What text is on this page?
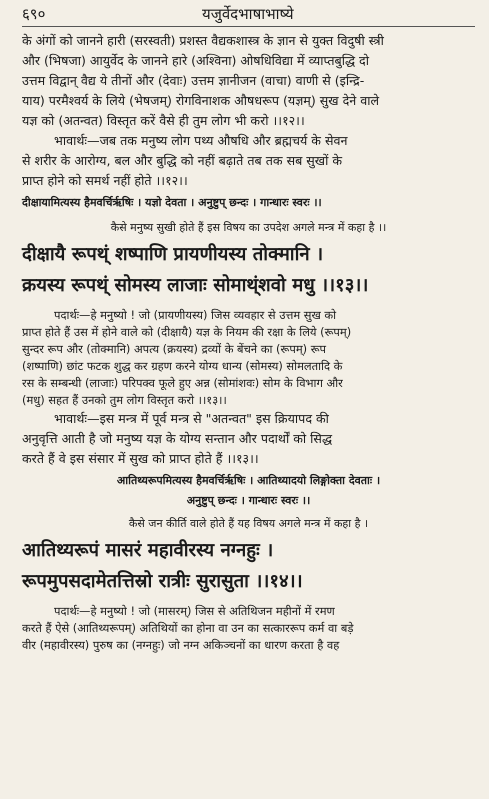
६९०	यजुर्वेदभाषाभाष्ये

के अंगों को जानने हारी (सरस्वती) प्रशस्त वैद्यकशास्त्र के ज्ञान से युक्त विदुषी स्त्री

और (भिषजा) आयुर्वेद के जानने हारे (अश्विना) ओषधिविद्या में व्याप्तबुद्धि दो

उत्तम विद्वान् वैद्य ये तीनों और (देवाः) उत्तम ज्ञानीजन (वाचा) वाणी से (इन्द्रि-

याय) परमैश्वर्य के लिये (भेषजम्) रोगविनाशक औषधरूप (यज्ञम्) सुख देने वाले

यज्ञ को (अतन्वत) विस्तृत करें वैसे ही तुम लोग भी करो ।।१२।।

भावार्थः—जब तक मनुष्य लोग पथ्य औषधि और ब्रह्मचर्य के सेवन

से शरीर के आरोग्य, बल और बुद्धि को नहीं बढ़ाते तब तक सब सुखों के

प्राप्त होने को समर्थ नहीं होते ।।१२।।

दीक्षायामित्यस्य हैमवर्चिर्ऋषिः । यज्ञो देवता । अनुष्टुप् छन्दः । गान्धारः स्वरः ।।

कैसे मनुष्य सुखी होते हैं इस विषय का उपदेश अगले मन्त्र में कहा है ।।

दीक्षायै रूपथ्ं शष्पाणि प्रायणीयस्य तोक्मानि ।

क्रयस्य रूपथ्ं सोमस्य लाजाः सोमाथ्ंशवो मधु ।।१३।।

पदार्थः—हे मनुष्यो ! जो (प्रायणीयस्य) जिस व्यवहार से उत्तम सुख को

प्राप्त होते हैं उस में होने वाले को (दीक्षायै) यज्ञ के नियम की रक्षा के लिये (रूपम्)

सुन्दर रूप और (तोक्मानि) अपत्य (क्रयस्य) द्रव्यों के बेंचने का (रूपम्) रूप

(शष्पाणि) छांट फटक शुद्ध कर ग्रहण करने योग्य धान्य (सोमस्य) सोमलतादि के

रस के सम्बन्धी (लाजाः) परिपक्व फूले हुए अन्न (सोमांशवः) सोम के विभाग और

(मधु) सहत हैं उनको तुम लोग विस्तृत करो ।।१३।।

भावार्थः—इस मन्त्र में पूर्व मन्त्र से "अतन्वत" इस क्रियापद की

अनुवृत्ति आती है जो मनुष्य यज्ञ के योग्य सन्तान और पदार्थों को सिद्ध

करते हैं वे इस संसार में सुख को प्राप्त होते हैं ।।१३।।

आतिथ्यरूपमित्यस्य हैमवर्चिर्ऋषिः । आतिथ्यादयो लिङ्गोक्ता देवताः ।

अनुष्टुप् छन्दः । गान्धारः स्वरः ।।

कैसे जन कीर्ति वाले होते हैं यह विषय अगले मन्त्र में कहा है ।

आतिथ्यरूपं मासरं महावीरस्य नग्नहुः ।

रूपमुपसदामेतत्तिस्रो रात्रीः सुरासुता ।।१४।।

पदार्थः—हे मनुष्यो ! जो (मासरम्) जिस से अतिथिजन महीनों में रमण

करते हैं ऐसे (आतिथ्यरूपम्) अतिथियों का होना वा उन का सत्काररूप कर्म वा बड़े

वीर (महावीरस्य) पुरुष का (नग्नहुः) जो नग्न अकिञ्चनों का धारण करता है वह
